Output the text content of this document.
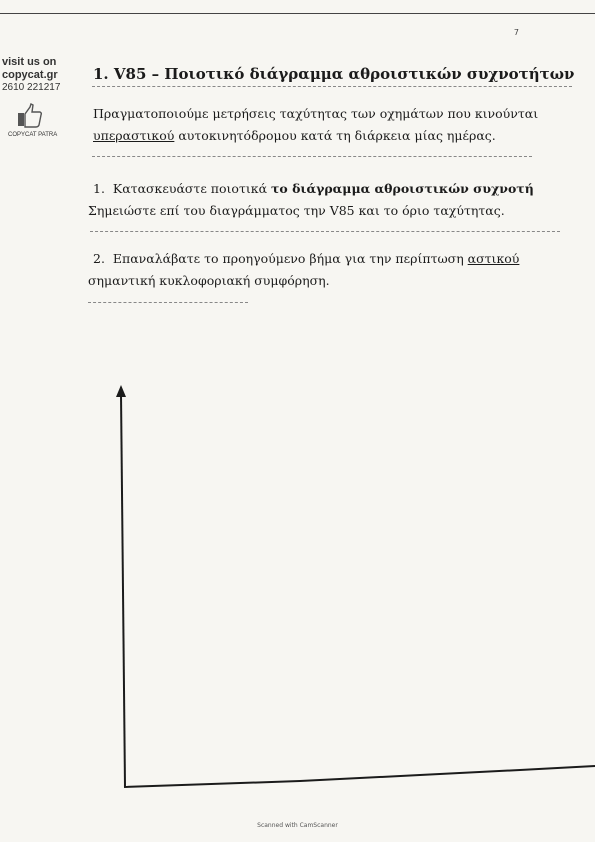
7
visit us on
copycat.gr
2610 221217
COPYCAT PATRA
1. V85 – Ποιοτικό διάγραμμα αθροιστικών συχνοτήτων
Πραγματοποιούμε μετρήσεις ταχύτητας των οχημάτων που κινούνται
υπεραστικού αυτοκινητόδρομου κατά τη διάρκεια μίας ημέρας.
1. Κατασκευάστε ποιοτικά το διάγραμμα αθροιστικών συχνοτή
Σημειώστε επί του διαγράμματος την V85 και το όριο ταχύτητας.
2. Επαναλάβατε το προηγούμενο βήμα για την περίπτωση αστικού
σημαντική κυκλοφοριακή συμφόρηση.
Scanned with CamScanner
